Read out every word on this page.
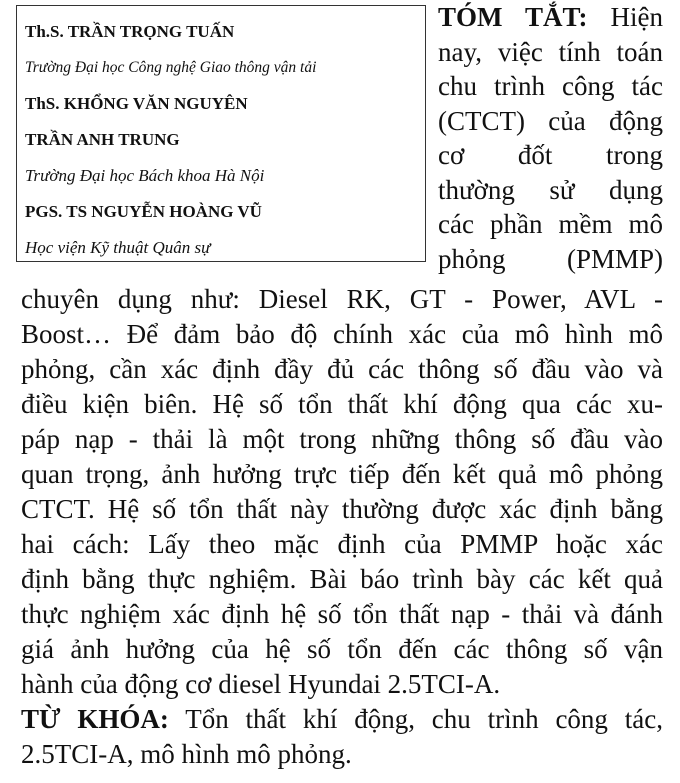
Th.S. TRẦN TRỌNG TUẤN
Trường Đại học Công nghệ Giao thông vận tải
ThS. KHỔNG VĂN NGUYÊN
TRẦN ANH TRUNG
Trường Đại học Bách khoa Hà Nội
PGS. TS NGUYỄN HOÀNG VŨ
Học viện Kỹ thuật Quân sự
TÓM TẮT: Hiện
nay, việc tính toán
chu trình công tác
(CTCT) của động
cơ đốt trong
thường sử dụng
các phần mềm mô
phỏng (PMMP)
chuyên dụng như: Diesel RK, GT - Power, AVL -
Boost… Để đảm bảo độ chính xác của mô hình mô
phỏng, cần xác định đầy đủ các thông số đầu vào và
điều kiện biên. Hệ số tổn thất khí động qua các xu-
páp nạp - thải là một trong những thông số đầu vào
quan trọng, ảnh hưởng trực tiếp đến kết quả mô phỏng
CTCT. Hệ số tổn thất này thường được xác định bằng
hai cách: Lấy theo mặc định của PMMP hoặc xác
định bằng thực nghiệm. Bài báo trình bày các kết quả
thực nghiệm xác định hệ số tổn thất nạp - thải và đánh
giá ảnh hưởng của hệ số tổn đến các thông số vận
hành của động cơ diesel Hyundai 2.5TCI-A.
TỪ KHÓA: Tổn thất khí động, chu trình công tác,
2.5TCI-A, mô hình mô phỏng.
